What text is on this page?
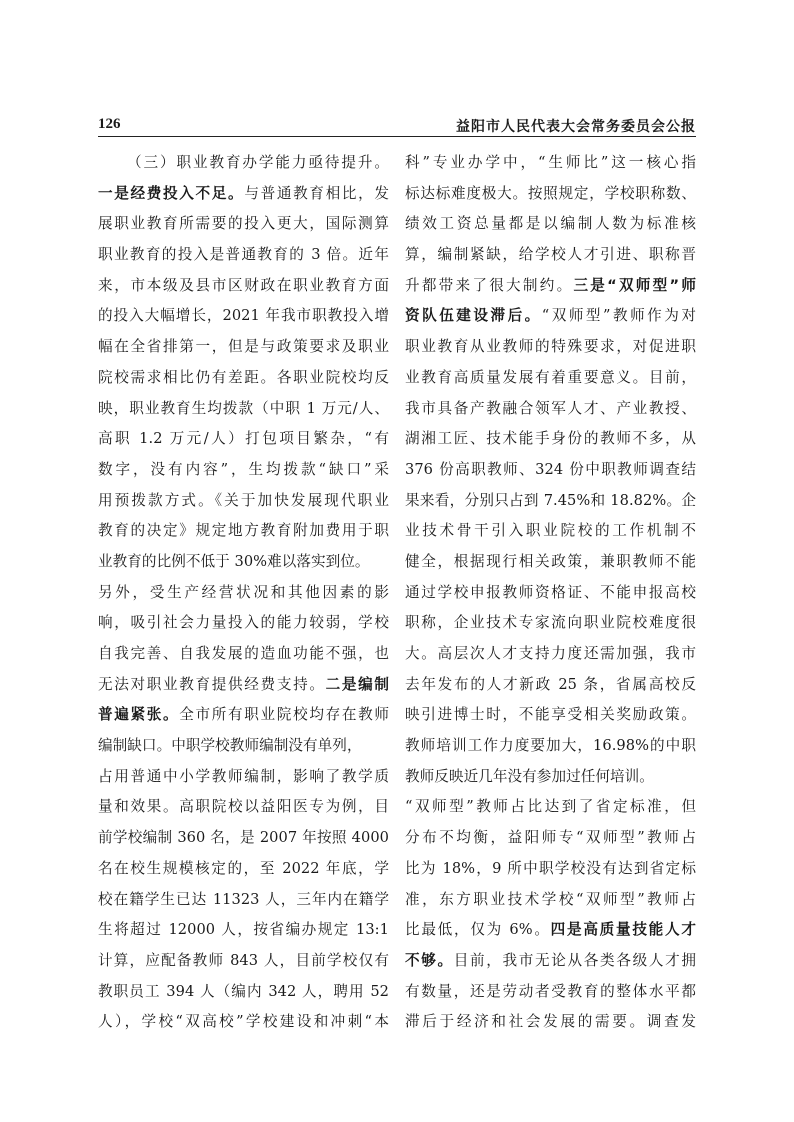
126	益阳市人民代表大会常务委员会公报
（三）职业教育办学能力亟待提升。
一是经费投入不足。与普通教育相比，发
展职业教育所需要的投入更大，国际测算
职业教育的投入是普通教育的 3 倍。近年
来，市本级及县市区财政在职业教育方面
的投入大幅增长，2021 年我市职教投入增
幅在全省排第一，但是与政策要求及职业
院校需求相比仍有差距。各职业院校均反
映，职业教育生均拨款（中职 1 万元/人、
高职 1.2 万元/人）打包项目繁杂，“有
数字，没有内容”，生均拨款“缺口”采
用预拨款方式。《关于加快发展现代职业
教育的决定》规定地方教育附加费用于职
业教育的比例不低于 30%难以落实到位。
另外，受生产经营状况和其他因素的影
响，吸引社会力量投入的能力较弱，学校
自我完善、自我发展的造血功能不强，也
无法对职业教育提供经费支持。二是编制
普遍紧张。全市所有职业院校均存在教师
编制缺口。中职学校教师编制没有单列，
占用普通中小学教师编制，影响了教学质
量和效果。高职院校以益阳医专为例，目
前学校编制 360 名，是 2007 年按照 4000
名在校生规模核定的，至 2022 年底，学
校在籍学生已达 11323 人，三年内在籍学
生将超过 12000 人，按省编办规定 13:1
计算，应配备教师 843 人，目前学校仅有
教职员工 394 人（编内 342 人，聘用 52
人），学校“双高校”学校建设和冲刺“本
科”专业办学中，“生师比”这一核心指
标达标难度极大。按照规定，学校职称数、
绩效工资总量都是以编制人数为标准核
算，编制紧缺，给学校人才引进、职称晋
升都带来了很大制约。三是“双师型”师
资队伍建设滞后。“双师型”教师作为对
职业教育从业教师的特殊要求，对促进职
业教育高质量发展有着重要意义。目前，
我市具备产教融合领军人才、产业教授、
湖湘工匠、技术能手身份的教师不多，从
376 份高职教师、324 份中职教师调查结
果来看，分别只占到 7.45%和 18.82%。企
业技术骨干引入职业院校的工作机制不
健全，根据现行相关政策，兼职教师不能
通过学校申报教师资格证、不能申报高校
职称，企业技术专家流向职业院校难度很
大。高层次人才支持力度还需加强，我市
去年发布的人才新政 25 条，省属高校反
映引进博士时，不能享受相关奖励政策。
教师培训工作力度要加大，16.98%的中职
教师反映近几年没有参加过任何培训。
“双师型”教师占比达到了省定标准，但
分布不均衡，益阳师专“双师型”教师占
比为 18%，9 所中职学校没有达到省定标
准，东方职业技术学校“双师型”教师占
比最低，仅为 6%。四是高质量技能人才
不够。目前，我市无论从各类各级人才拥
有数量，还是劳动者受教育的整体水平都
滞后于经济和社会发展的需要。调查发
